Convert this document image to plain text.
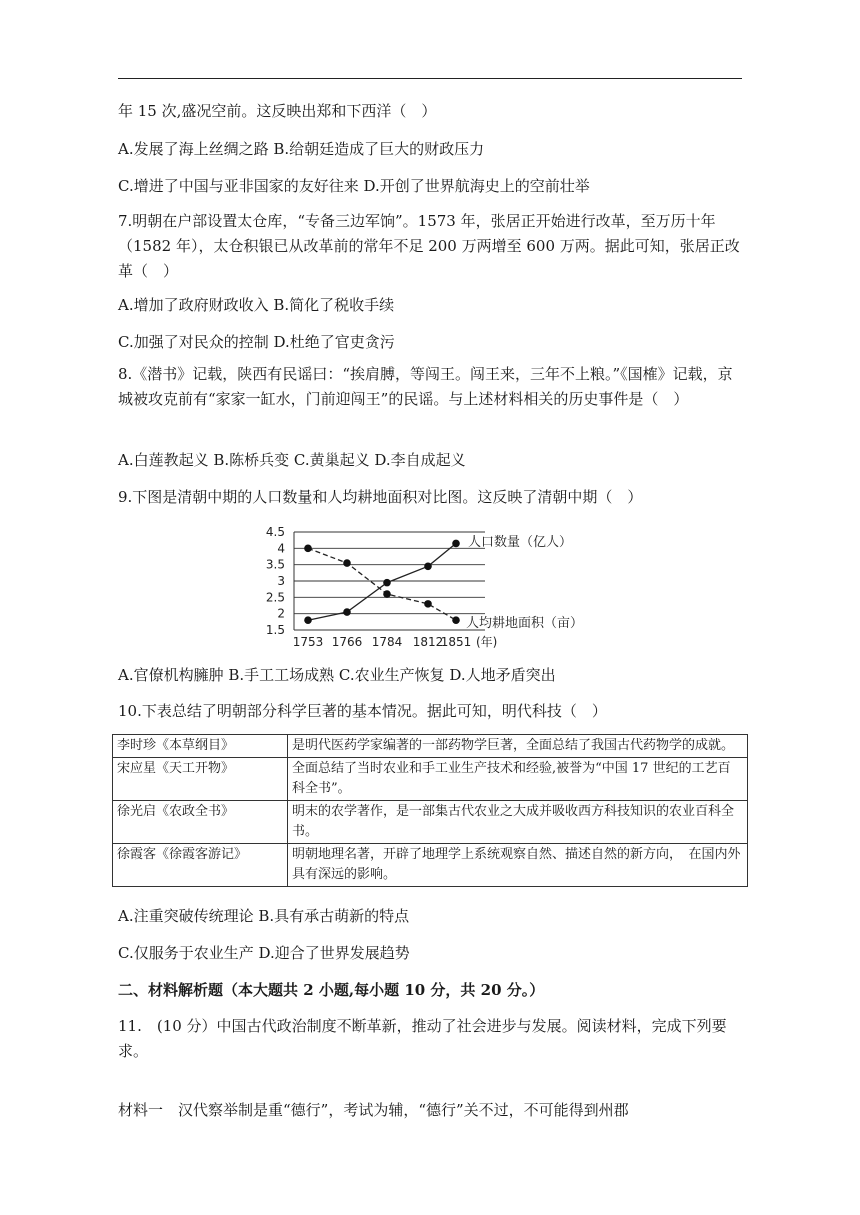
年 15 次,盛况空前。这反映出郑和下西洋（　）
A.发展了海上丝绸之路 B.给朝廷造成了巨大的财政压力
C.增进了中国与亚非国家的友好往来 D.开创了世界航海史上的空前壮举
7.明朝在户部设置太仓库，“专备三边军饷”。1573 年，张居正开始进行改革，至万历十年（1582 年），太仓积银已从改革前的常年不足 200 万两增至 600 万两。据此可知，张居正改革（　）
A.增加了政府财政收入 B.简化了税收手续
C.加强了对民众的控制 D.杜绝了官吏贪污
8.《潜书》记载，陕西有民谣曰：“挨肩膊，等闯王。闯王来，三年不上粮。”《国榷》记载，京城被攻克前有“家家一缸水，门前迎闯王”的民谣。与上述材料相关的历史事件是（　）
A.白莲教起义 B.陈桥兵变 C.黄巢起义 D.李自成起义
9.下图是清朝中期的人口数量和人均耕地面积对比图。这反映了清朝中期（　）
1.5
2
2.5
3
3.5
4
4.5
1753 1766 1784 1812
1851 (年)
人口数量（亿人）
人均耕地面积（亩）
A.官僚机构臃肿 B.手工工场成熟 C.农业生产恢复 D.人地矛盾突出
10.下表总结了明朝部分科学巨著的基本情况。据此可知，明代科技（　）
李时珍《本草纲目》	是明代医药学家编著的一部药物学巨著，全面总结了我国古代药物学的成就。
宋应星《天工开物》	全面总结了当时农业和手工业生产技术和经验,被誉为“中国 17 世纪的工艺百科全书”。
徐光启《农政全书》	明末的农学著作，是一部集古代农业之大成并吸收西方科技知识的农业百科全书。
徐霞客《徐霞客游记》	明朝地理名著，开辟了地理学上系统观察自然、描述自然的新方向，　在国内外具有深远的影响。
A.注重突破传统理论 B.具有承古萌新的特点
C.仅服务于农业生产 D.迎合了世界发展趋势
二、材料解析题（本大题共 2 小题,每小题 10 分，共 20 分。）
11.　(10 分）中国古代政治制度不断革新，推动了社会进步与发展。阅读材料，完成下列要求。
材料一　汉代察举制是重“德行”，考试为辅，“德行”关不过，不可能得到州郡
